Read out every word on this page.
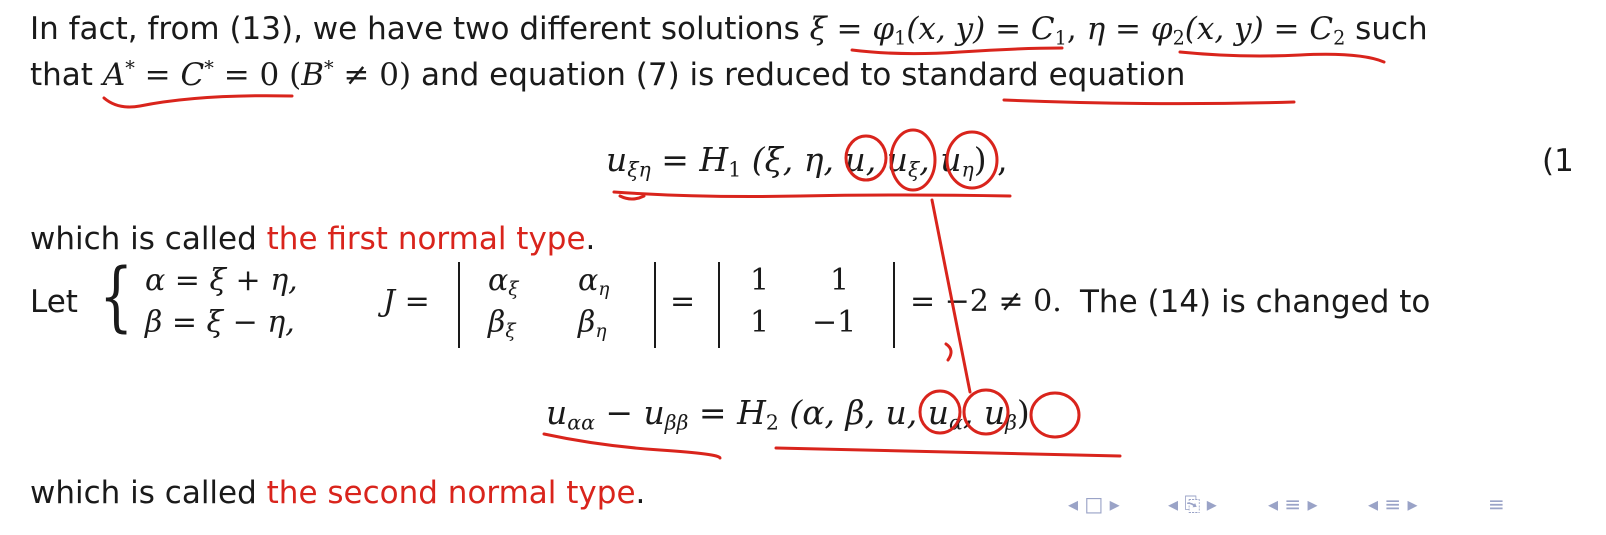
In fact, from (13), we have two different solutions $\xi = \varphi_1(x$, $y) = C_1$, $\eta = \varphi_2(x$, $y) = C_2$ such
that A* = C* = 0 (B* ≠ 0) and equation (7) is reduced to standard equation
$u_{\xi\eta} = H_1$ (ξ, η, u, $u_\xi$, $u_\eta$) ,	(1
which is called the first normal type.
Let { α = ξ + η,
β = ξ − η,
J =
$\alpha_\xi$ $\alpha_\eta$
$\beta_\xi$ $\beta_\eta$
=
1 1
1 −1
= −2 ≠ 0. The (14) is changed to
$u_{\alpha\alpha} - u_{\beta\beta} = H_2$ (α, β, u, $u_\alpha$, $u_\beta$)
which is called the second normal type.	◂ □ ▸ ◂ ⎘ ▸	◂ ≡ ▸	◂ ≡ ▸	≡
